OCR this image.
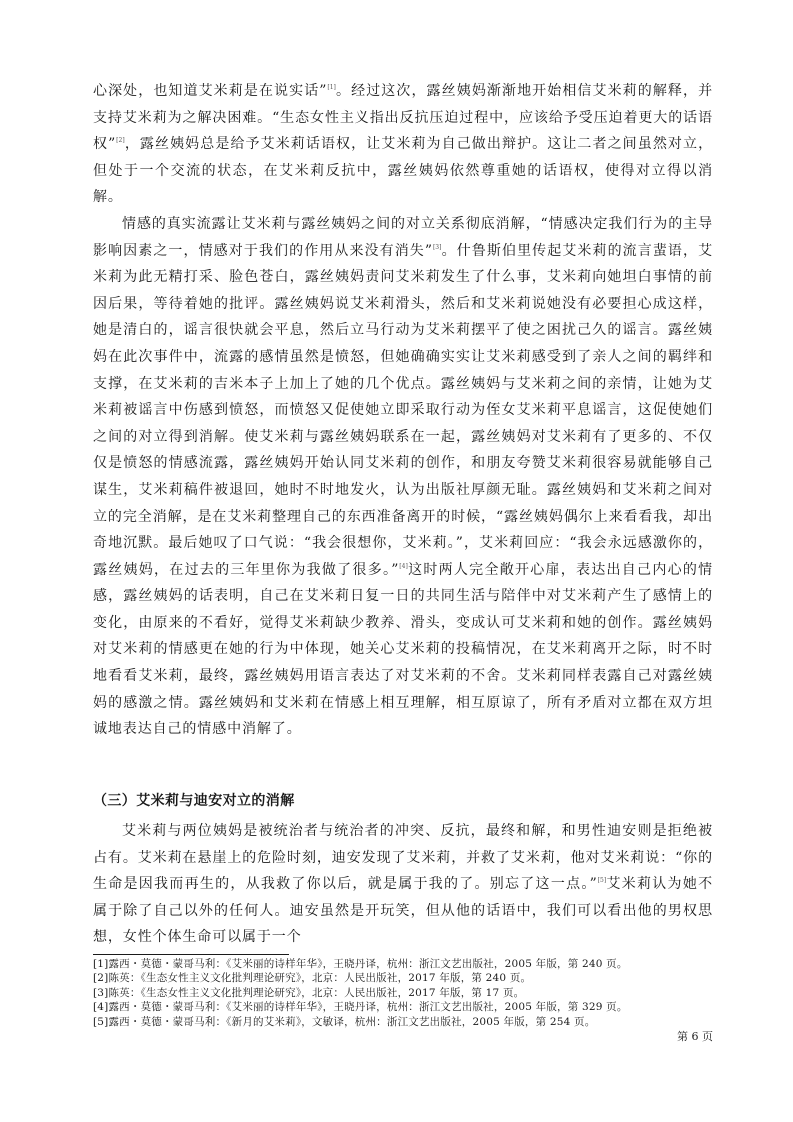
心深处，也知道艾米莉是在说实话”[1]。经过这次，露丝姨妈渐渐地开始相信艾米莉的解释，并支持艾米莉为之解决困难。“生态女性主义指出反抗压迫过程中，应该给予受压迫着更大的话语权”[2]，露丝姨妈总是给予艾米莉话语权，让艾米莉为自己做出辩护。这让二者之间虽然对立，但处于一个交流的状态，在艾米莉反抗中，露丝姨妈依然尊重她的话语权，使得对立得以消解。

情感的真实流露让艾米莉与露丝姨妈之间的对立关系彻底消解，“情感决定我们行为的主导影响因素之一，情感对于我们的作用从来没有消失”[3]。什鲁斯伯里传起艾米莉的流言蜚语，艾米莉为此无精打采、脸色苍白，露丝姨妈责问艾米莉发生了什么事，艾米莉向她坦白事情的前因后果，等待着她的批评。露丝姨妈说艾米莉滑头，然后和艾米莉说她没有必要担心成这样，她是清白的，谣言很快就会平息，然后立马行动为艾米莉摆平了使之困扰己久的谣言。露丝姨妈在此次事件中，流露的感情虽然是愤怒，但她确确实实让艾米莉感受到了亲人之间的羁绊和支撑，在艾米莉的吉米本子上加上了她的几个优点。露丝姨妈与艾米莉之间的亲情，让她为艾米莉被谣言中伤感到愤怒，而愤怒又促使她立即采取行动为侄女艾米莉平息谣言，这促使她们之间的对立得到消解。使艾米莉与露丝姨妈联系在一起，露丝姨妈对艾米莉有了更多的、不仅仅是愤怒的情感流露，露丝姨妈开始认同艾米莉的创作，和朋友夸赞艾米莉很容易就能够自己谋生，艾米莉稿件被退回，她时不时地发火，认为出版社厚颜无耻。露丝姨妈和艾米莉之间对立的完全消解，是在艾米莉整理自己的东西准备离开的时候，“露丝姨妈偶尔上来看看我，却出奇地沉默。最后她叹了口气说：“我会很想你，艾米莉。”，艾米莉回应：“我会永远感激你的，露丝姨妈，在过去的三年里你为我做了很多。”[4]这时两人完全敞开心扉，表达出自己内心的情感，露丝姨妈的话表明，自己在艾米莉日复一日的共同生活与陪伴中对艾米莉产生了感情上的变化，由原来的不看好，觉得艾米莉缺少教养、滑头，变成认可艾米莉和她的创作。露丝姨妈对艾米莉的情感更在她的行为中体现，她关心艾米莉的投稿情况，在艾米莉离开之际，时不时地看看艾米莉，最终，露丝姨妈用语言表达了对艾米莉的不舍。艾米莉同样表露自己对露丝姨妈的感激之情。露丝姨妈和艾米莉在情感上相互理解，相互原谅了，所有矛盾对立都在双方坦诚地表达自己的情感中消解了。

（三）艾米莉与迪安对立的消解

艾米莉与两位姨妈是被统治者与统治者的冲突、反抗，最终和解，和男性迪安则是拒绝被占有。艾米莉在悬崖上的危险时刻，迪安发现了艾米莉，并救了艾米莉，他对艾米莉说：“你的生命是因我而再生的，从我救了你以后，就是属于我的了。别忘了这一点。”[5]艾米莉认为她不属于除了自己以外的任何人。迪安虽然是开玩笑，但从他的话语中，我们可以看出他的男权思想，女性个体生命可以属于一个

[1]露西・莫德・蒙哥马利：《艾米丽的诗样年华》，王晓丹译，杭州：浙江文艺出版社，2005 年版，第 240 页。
[2]陈英：《生态女性主义文化批判理论研究》，北京：人民出版社，2017 年版，第 240 页。
[3]陈英：《生态女性主义文化批判理论研究》，北京：人民出版社，2017 年版，第 17 页。
[4]露西・莫德・蒙哥马利：《艾米丽的诗样年华》，王晓丹译，杭州：浙江文艺出版社，2005 年版，第 329 页。
[5]露西・莫德・蒙哥马利：《新月的艾米莉》，文敏译，杭州：浙江文艺出版社，2005 年版，第 254 页。
第 6 页
